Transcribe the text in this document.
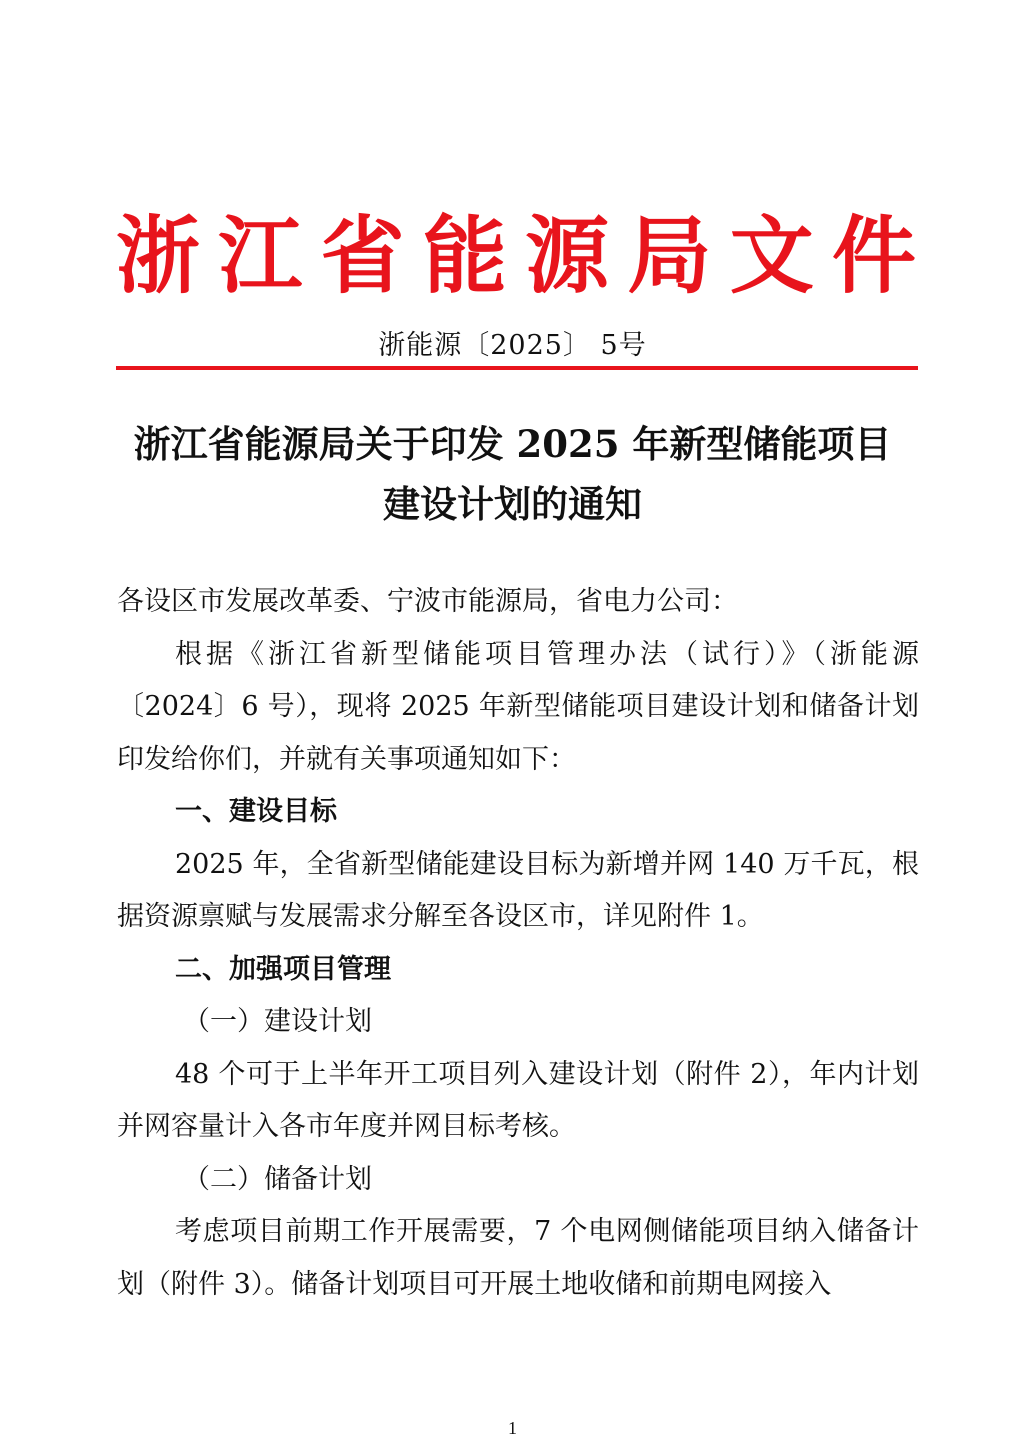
浙 江 省 能 源 局 文 件
浙能源〔2025〕 5号
浙江省能源局关于印发 2025 年新型储能项目
建设计划的通知

各设区市发展改革委、宁波市能源局，省电力公司：

根据《浙江省新型储能项目管理办法（试行）》（浙能源〔2024〕6 号），现将 2025 年新型储能项目建设计划和储备计划印发给你们，并就有关事项通知如下：

一、建设目标

2025 年，全省新型储能建设目标为新增并网 140 万千瓦，根据资源禀赋与发展需求分解至各设区市，详见附件 1。

二、加强项目管理

（一）建设计划

48 个可于上半年开工项目列入建设计划（附件 2），年内计划并网容量计入各市年度并网目标考核。

（二）储备计划

考虑项目前期工作开展需要，7 个电网侧储能项目纳入储备计划（附件 3）。储备计划项目可开展土地收储和前期电网接入

1
